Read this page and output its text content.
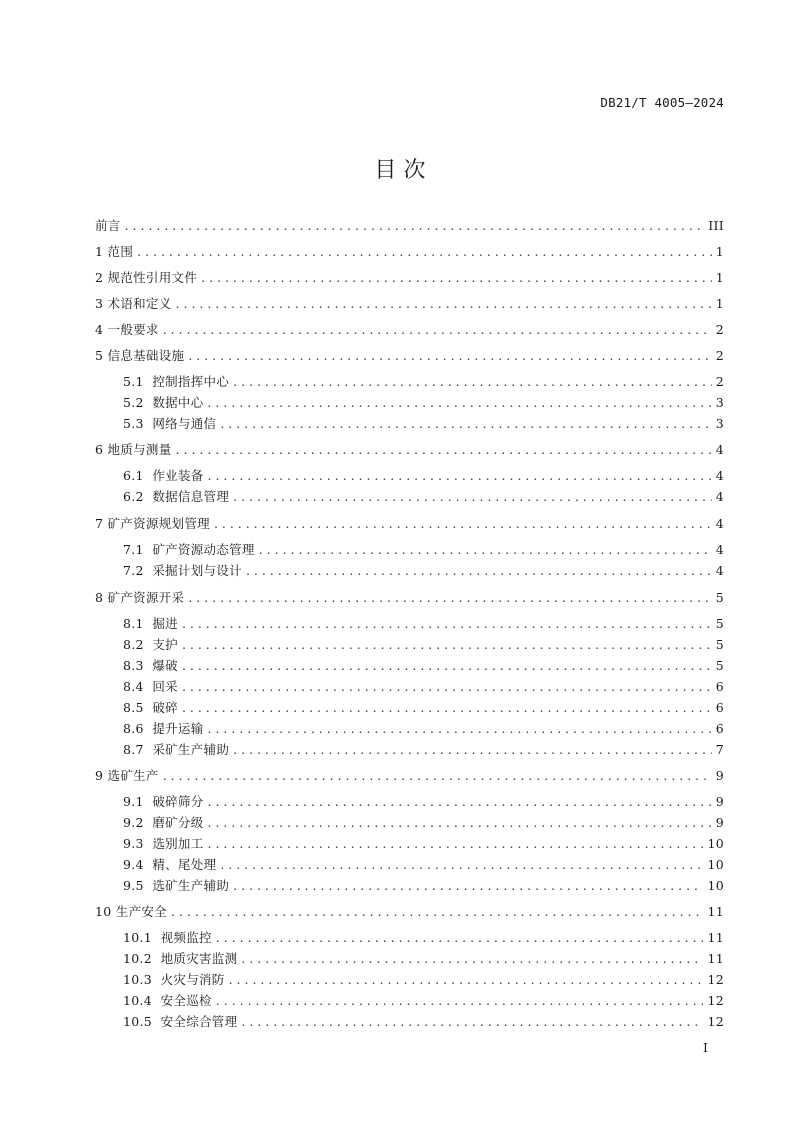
DB21/T 4005—2024
目 次
前言 . . .	III
1 范围 . . .	1
2 规范性引用文件 . . .	1
3 术语和定义 . . .	1
4 一般要求 . . .	2
5 信息基础设施 . . .	2
5.1 控制指挥中心 . . .	2
5.2 数据中心 . . .	3
5.3 网络与通信 . . .	3
6 地质与测量 . . .	4
6.1 作业装备 . . .	4
6.2 数据信息管理 . . .	4
7 矿产资源规划管理 . . .	4
7.1 矿产资源动态管理 . . .	4
7.2 采掘计划与设计 . . .	4
8 矿产资源开采 . . .	5
8.1 掘进 . . .	5
8.2 支护 . . .	5
8.3 爆破 . . .	5
8.4 回采 . . .	6
8.5 破碎 . . .	6
8.6 提升运输 . . .	6
8.7 采矿生产辅助 . . .	7
9 选矿生产 . . .	9
9.1 破碎筛分 . . .	9
9.2 磨矿分级 . . .	9
9.3 选别加工 . . .	10
9.4 精、尾处理 . . .	10
9.5 选矿生产辅助 . . .	10
10 生产安全 . . .	11
10.1 视频监控 . . .	11
10.2 地质灾害监测 . . .	11
10.3 火灾与消防 . . .	12
10.4 安全巡检 . . .	12
10.5 安全综合管理 . . .	12
I
